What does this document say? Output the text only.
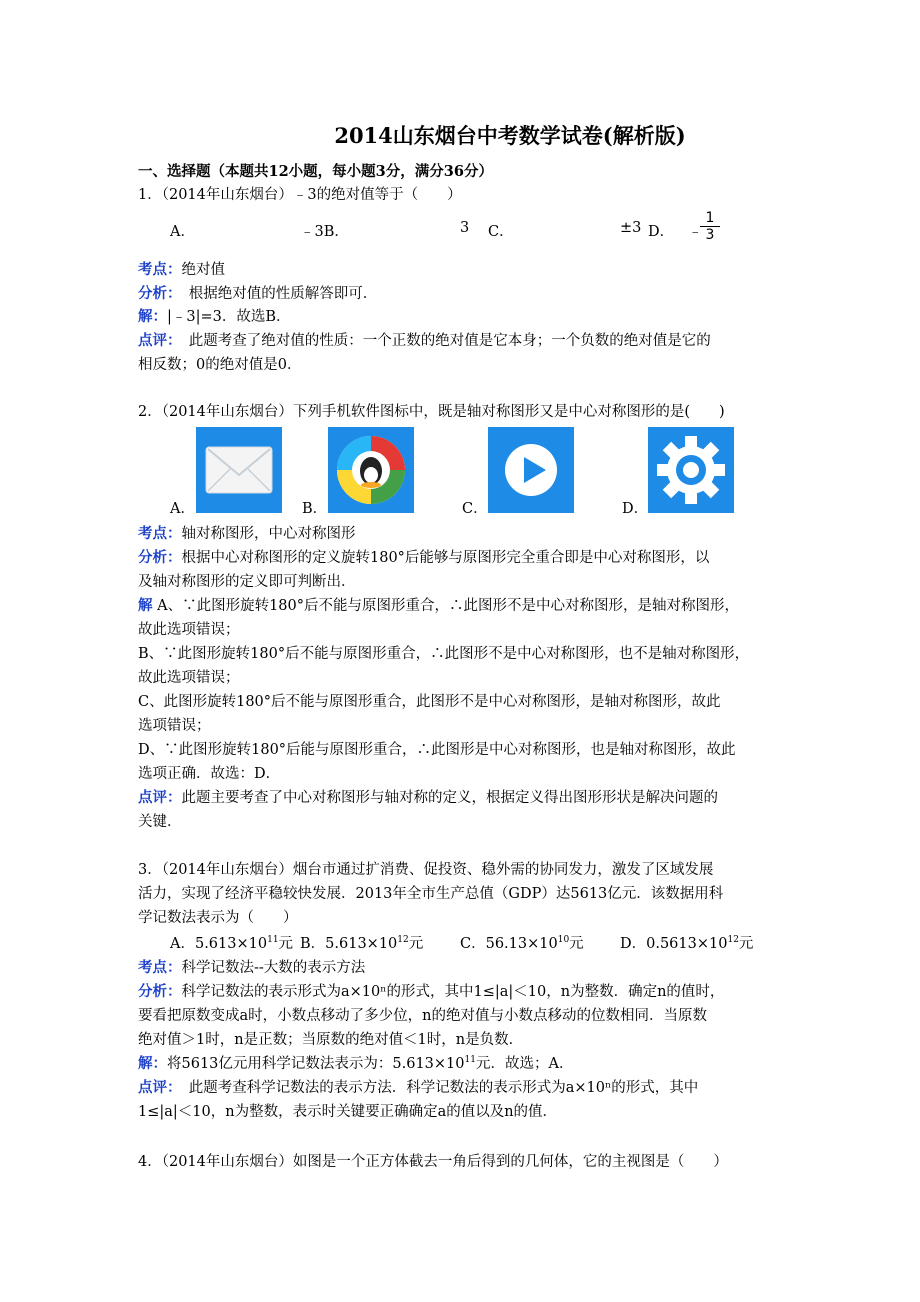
2014山东烟台中考数学试卷(解析版)
一、选择题（本题共12小题，每小题3分，满分36分）
1．（2014年山东烟台）﹣3的绝对值等于（　　）
A．	﹣3B．	3 C．	±3 D． ﹣
$\frac{1}{3}$
考点：绝对值
分析：　根据绝对值的性质解答即可．
解：|﹣3|=3．故选B．
点评：　此题考查了绝对值的性质：一个正数的绝对值是它本身；一个负数的绝对值是它的
相反数；0的绝对值是0．
2．（2014年山东烟台）下列手机软件图标中，既是轴对称图形又是中心对称图形的是(　　)
A．	B．	C．	D．
考点：轴对称图形，中心对称图形
分析：根据中心对称图形的定义旋转180°后能够与原图形完全重合即是中心对称图形，以
及轴对称图形的定义即可判断出．
解 A、∵此图形旋转180°后不能与原图形重合，∴此图形不是中心对称图形，是轴对称图形，
故此选项错误；
B、∵此图形旋转180°后不能与原图形重合，∴此图形不是中心对称图形，也不是轴对称图形，
故此选项错误；
C、此图形旋转180°后不能与原图形重合，此图形不是中心对称图形，是轴对称图形，故此
选项错误；
D、∵此图形旋转180°后能与原图形重合，∴此图形是中心对称图形，也是轴对称图形，故此
选项正确．故选：D．
点评：此题主要考查了中心对称图形与轴对称的定义，根据定义得出图形形状是解决问题的
关键．
3．（2014年山东烟台）烟台市通过扩消费、促投资、稳外需的协同发力，激发了区域发展
活力，实现了经济平稳较快发展．2013年全市生产总值（GDP）达5613亿元．该数据用科
学记数法表示为（　　）
A．$5.613\times 10^{11}$元 B．$5.613\times 10^{12}$元	C．$56.13\times 10^{10}$元	D．$0.5613\times 10^{12}$元
考点：科学记数法--大数的表示方法
分析：科学记数法的表示形式为a×10ⁿ的形式，其中1≤|a|＜10，n为整数．确定n的值时，
要看把原数变成a时，小数点移动了多少位，n的绝对值与小数点移动的位数相同．当原数
绝对值＞1时，n是正数；当原数的绝对值＜1时，n是负数．
解：将5613亿元用科学记数法表示为：$5.613\times 10^{11}$元．故选；A．
点评：　此题考查科学记数法的表示方法．科学记数法的表示形式为a×10ⁿ的形式，其中
1≤|a|＜10，n为整数，表示时关键要正确确定a的值以及n的值．
4．（2014年山东烟台）如图是一个正方体截去一角后得到的几何体，它的主视图是（　　）
